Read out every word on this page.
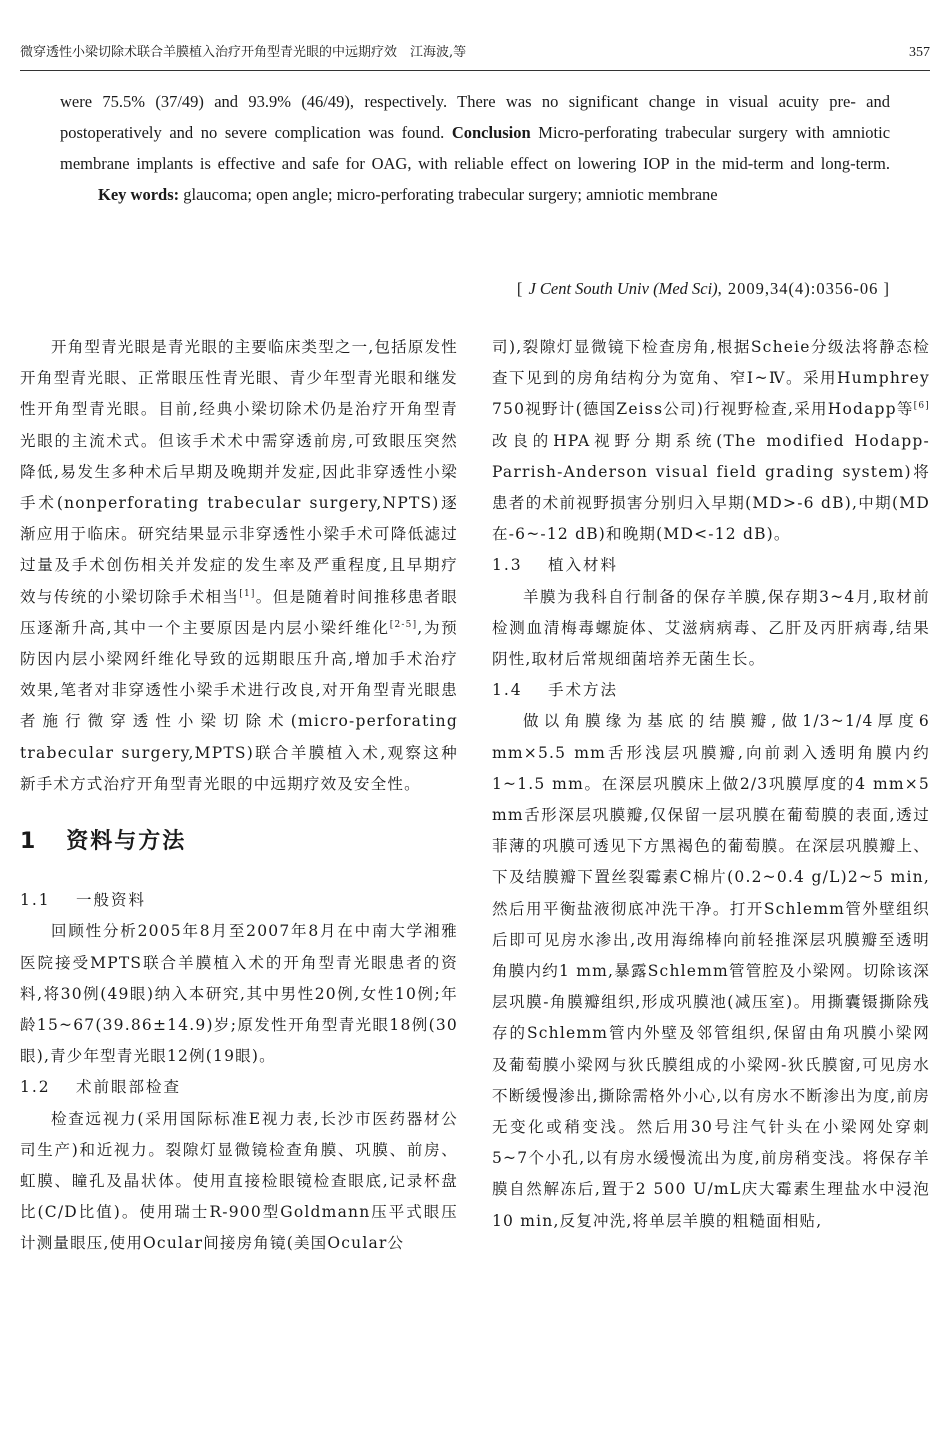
微穿透性小梁切除术联合羊膜植入治疗开角型青光眼的中远期疗效　江海波,等	357

were 75.5% (37/49) and 93.9% (46/49), respectively. There was no significant change in visual acuity pre- and postoperatively and no severe complication was found. Conclusion Micro-perforating trabecular surgery with amniotic membrane implants is effective and safe for OAG, with reliable effect on lowering IOP in the mid-term and long-term.

Key words: glaucoma; open angle; micro-perforating trabecular surgery; amniotic membrane

[ J Cent South Univ (Med Sci), 2009,34(4):0356-06 ]

开角型青光眼是青光眼的主要临床类型之一,包括原发性开角型青光眼、正常眼压性青光眼、青少年型青光眼和继发性开角型青光眼。目前,经典小梁切除术仍是治疗开角型青光眼的主流术式。但该手术术中需穿透前房,可致眼压突然降低,易发生多种术后早期及晚期并发症,因此非穿透性小梁手术(nonperforating trabecular surgery,NPTS)逐渐应用于临床。研究结果显示非穿透性小梁手术可降低滤过过量及手术创伤相关并发症的发生率及严重程度,且早期疗效与传统的小梁切除手术相当[1]。但是随着时间推移患者眼压逐渐升高,其中一个主要原因是内层小梁纤维化[2-5],为预防因内层小梁网纤维化导致的远期眼压升高,增加手术治疗效果,笔者对非穿透性小梁手术进行改良,对开角型青光眼患者施行微穿透性小梁切除术(micro-perforating trabecular surgery,MPTS)联合羊膜植入术,观察这种新手术方式治疗开角型青光眼的中远期疗效及安全性。

1 资料与方法

1.1 一般资料

回顾性分析2005年8月至2007年8月在中南大学湘雅医院接受MPTS联合羊膜植入术的开角型青光眼患者的资料,将30例(49眼)纳入本研究,其中男性20例,女性10例;年龄15~67(39.86±14.9)岁;原发性开角型青光眼18例(30眼),青少年型青光眼12例(19眼)。

1.2 术前眼部检查

检查远视力(采用国际标准E视力表,长沙市医药器材公司生产)和近视力。裂隙灯显微镜检查角膜、巩膜、前房、虹膜、瞳孔及晶状体。使用直接检眼镜检查眼底,记录杯盘比(C/D比值)。使用瑞士R-900型Goldmann压平式眼压计测量眼压,使用Ocular间接房角镜(美国Ocular公

司),裂隙灯显微镜下检查房角,根据Scheie分级法将静态检查下见到的房角结构分为宽角、窄Ⅰ~Ⅳ。采用Humphrey 750视野计(德国Zeiss公司)行视野检查,采用Hodapp等[6]改良的HPA视野分期系统(The modified Hodapp-Parrish-Anderson visual field grading system)将患者的术前视野损害分别归入早期(MD>-6 dB),中期(MD在-6~-12 dB)和晚期(MD<-12 dB)。

1.3 植入材料

羊膜为我科自行制备的保存羊膜,保存期3~4月,取材前检测血清梅毒螺旋体、艾滋病病毒、乙肝及丙肝病毒,结果阴性,取材后常规细菌培养无菌生长。

1.4 手术方法

做以角膜缘为基底的结膜瓣,做1/3~1/4厚度6 mm×5.5 mm舌形浅层巩膜瓣,向前剥入透明角膜内约1~1.5 mm。在深层巩膜床上做2/3巩膜厚度的4 mm×5 mm舌形深层巩膜瓣,仅保留一层巩膜在葡萄膜的表面,透过菲薄的巩膜可透见下方黑褐色的葡萄膜。在深层巩膜瓣上、下及结膜瓣下置丝裂霉素C棉片(0.2~0.4 g/L)2~5 min,然后用平衡盐液彻底冲洗干净。打开Schlemm管外壁组织后即可见房水渗出,改用海绵棒向前轻推深层巩膜瓣至透明角膜内约1 mm,暴露Schlemm管管腔及小梁网。切除该深层巩膜-角膜瓣组织,形成巩膜池(减压室)。用撕囊镊撕除残存的Schlemm管内外壁及邻管组织,保留由角巩膜小梁网及葡萄膜小梁网与狄氏膜组成的小梁网-狄氏膜窗,可见房水不断缓慢渗出,撕除需格外小心,以有房水不断渗出为度,前房无变化或稍变浅。然后用30号注气针头在小梁网处穿刺5~7个小孔,以有房水缓慢流出为度,前房稍变浅。将保存羊膜自然解冻后,置于2 500 U/mL庆大霉素生理盐水中浸泡10 min,反复冲洗,将单层羊膜的粗糙面相贴,
